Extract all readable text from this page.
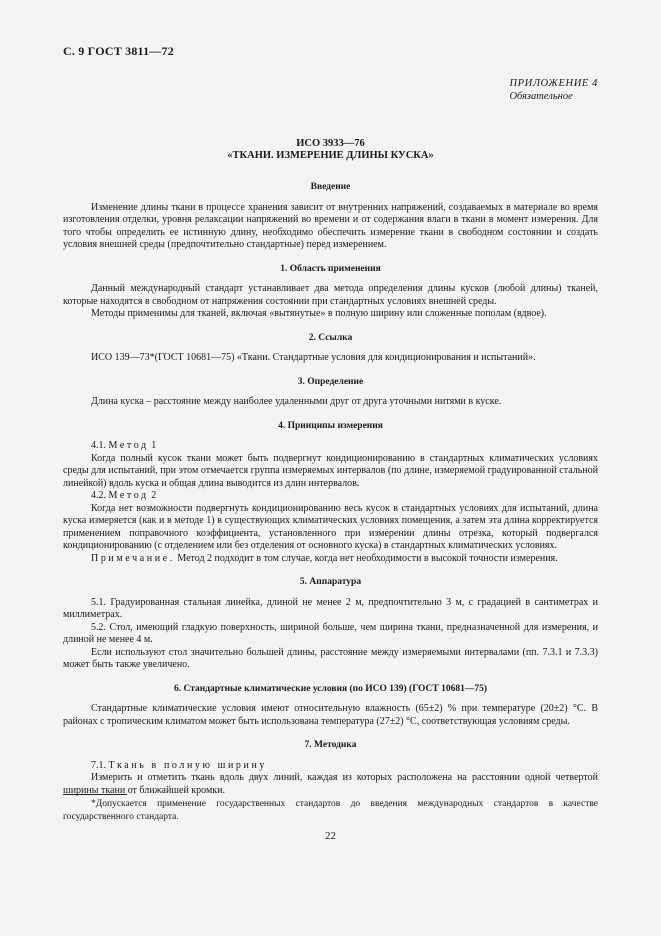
С. 9 ГОСТ 3811—72
ПРИЛОЖЕНИЕ 4
Обязательное
ИСО 3933—76
«ТКАНИ. ИЗМЕРЕНИЕ ДЛИНЫ КУСКА»
Введение

Изменение длины ткани в процессе хранения зависит от внутренних напряжений, создаваемых в материале во время изготовления отделки, уровня релаксации напряжений во времени и от содержания влаги в ткани в момент измерения. Для того чтобы определить ее истинную длину, необходимо обеспечить измерение ткани в свободном состоянии и создать условия внешней среды (предпочтительно стандартные) перед измерением.

1. Область применения

Данный международный стандарт устанавливает два метода определения длины кусков (любой длины) тканей, которые находятся в свободном от напряжения состоянии при стандартных условиях внешней среды.

Методы применимы для тканей, включая «вытянутые» в полную ширину или сложенные пополам (вдвое).

2. Ссылка

ИСО 139—73*(ГОСТ 10681—75) «Ткани. Стандартные условия для кондиционирования и испытаний».

3. Определение

Длина куска – расстояние между наиболее удаленными друг от друга уточными нитями в куске.

4. Принципы измерения

4.1. Метод 1

Когда полный кусок ткани может быть подвергнут кондиционированию в стандартных климатических условиях среды для испытаний, при этом отмечается группа измеряемых интервалов (по длине, измеряемой градуированной стальной линейкой) вдоль куска и общая длина выводится из длин интервалов.

4.2. Метод 2

Когда нет возможности подвергнуть кондиционированию весь кусок в стандартных условиях для испытаний, длина куска измеряется (как и в методе 1) в существующих климатических условиях помещения, а затем эта длина корректируется применением поправочного коэффициента, установленного при измерении длины отрезка, который подвергался кондиционированию (с отделением или без отделения от основного куска) в стандартных климатических условиях.

Примечание. Метод 2 подходит в том случае, когда нет необходимости в высокой точности измерения.

5. Аппаратура

5.1. Градуированная стальная линейка, длиной не менее 2 м, предпочтительно 3 м, с градацией в сантиметрах и миллиметрах.

5.2. Стол, имеющий гладкую поверхность, шириной больше, чем ширина ткани, предназначенной для измерения, и длиной не менее 4 м.

Если используют стол значительно большей длины, расстояние между измеряемыми интервалами (пп. 7.3.1 и 7.3.3) может быть также увеличено.

6. Стандартные климатические условия (по ИСО 139) (ГОСТ 10681—75)

Стандартные климатические условия имеют относительную влажность (65±2) % при температуре (20±2) °С. В районах с тропическим климатом может быть использована температура (27±2) °С, соответствующая условиям среды.

7. Методика

7.1. Ткань в полную ширину

Измерить и отметить ткань вдоль двух линий, каждая из которых расположена на расстоянии одной четвертой ширины ткани от ближайшей кромки.

*Допускается применение государственных стандартов до введения международных стандартов в качестве государственного стандарта.
22
